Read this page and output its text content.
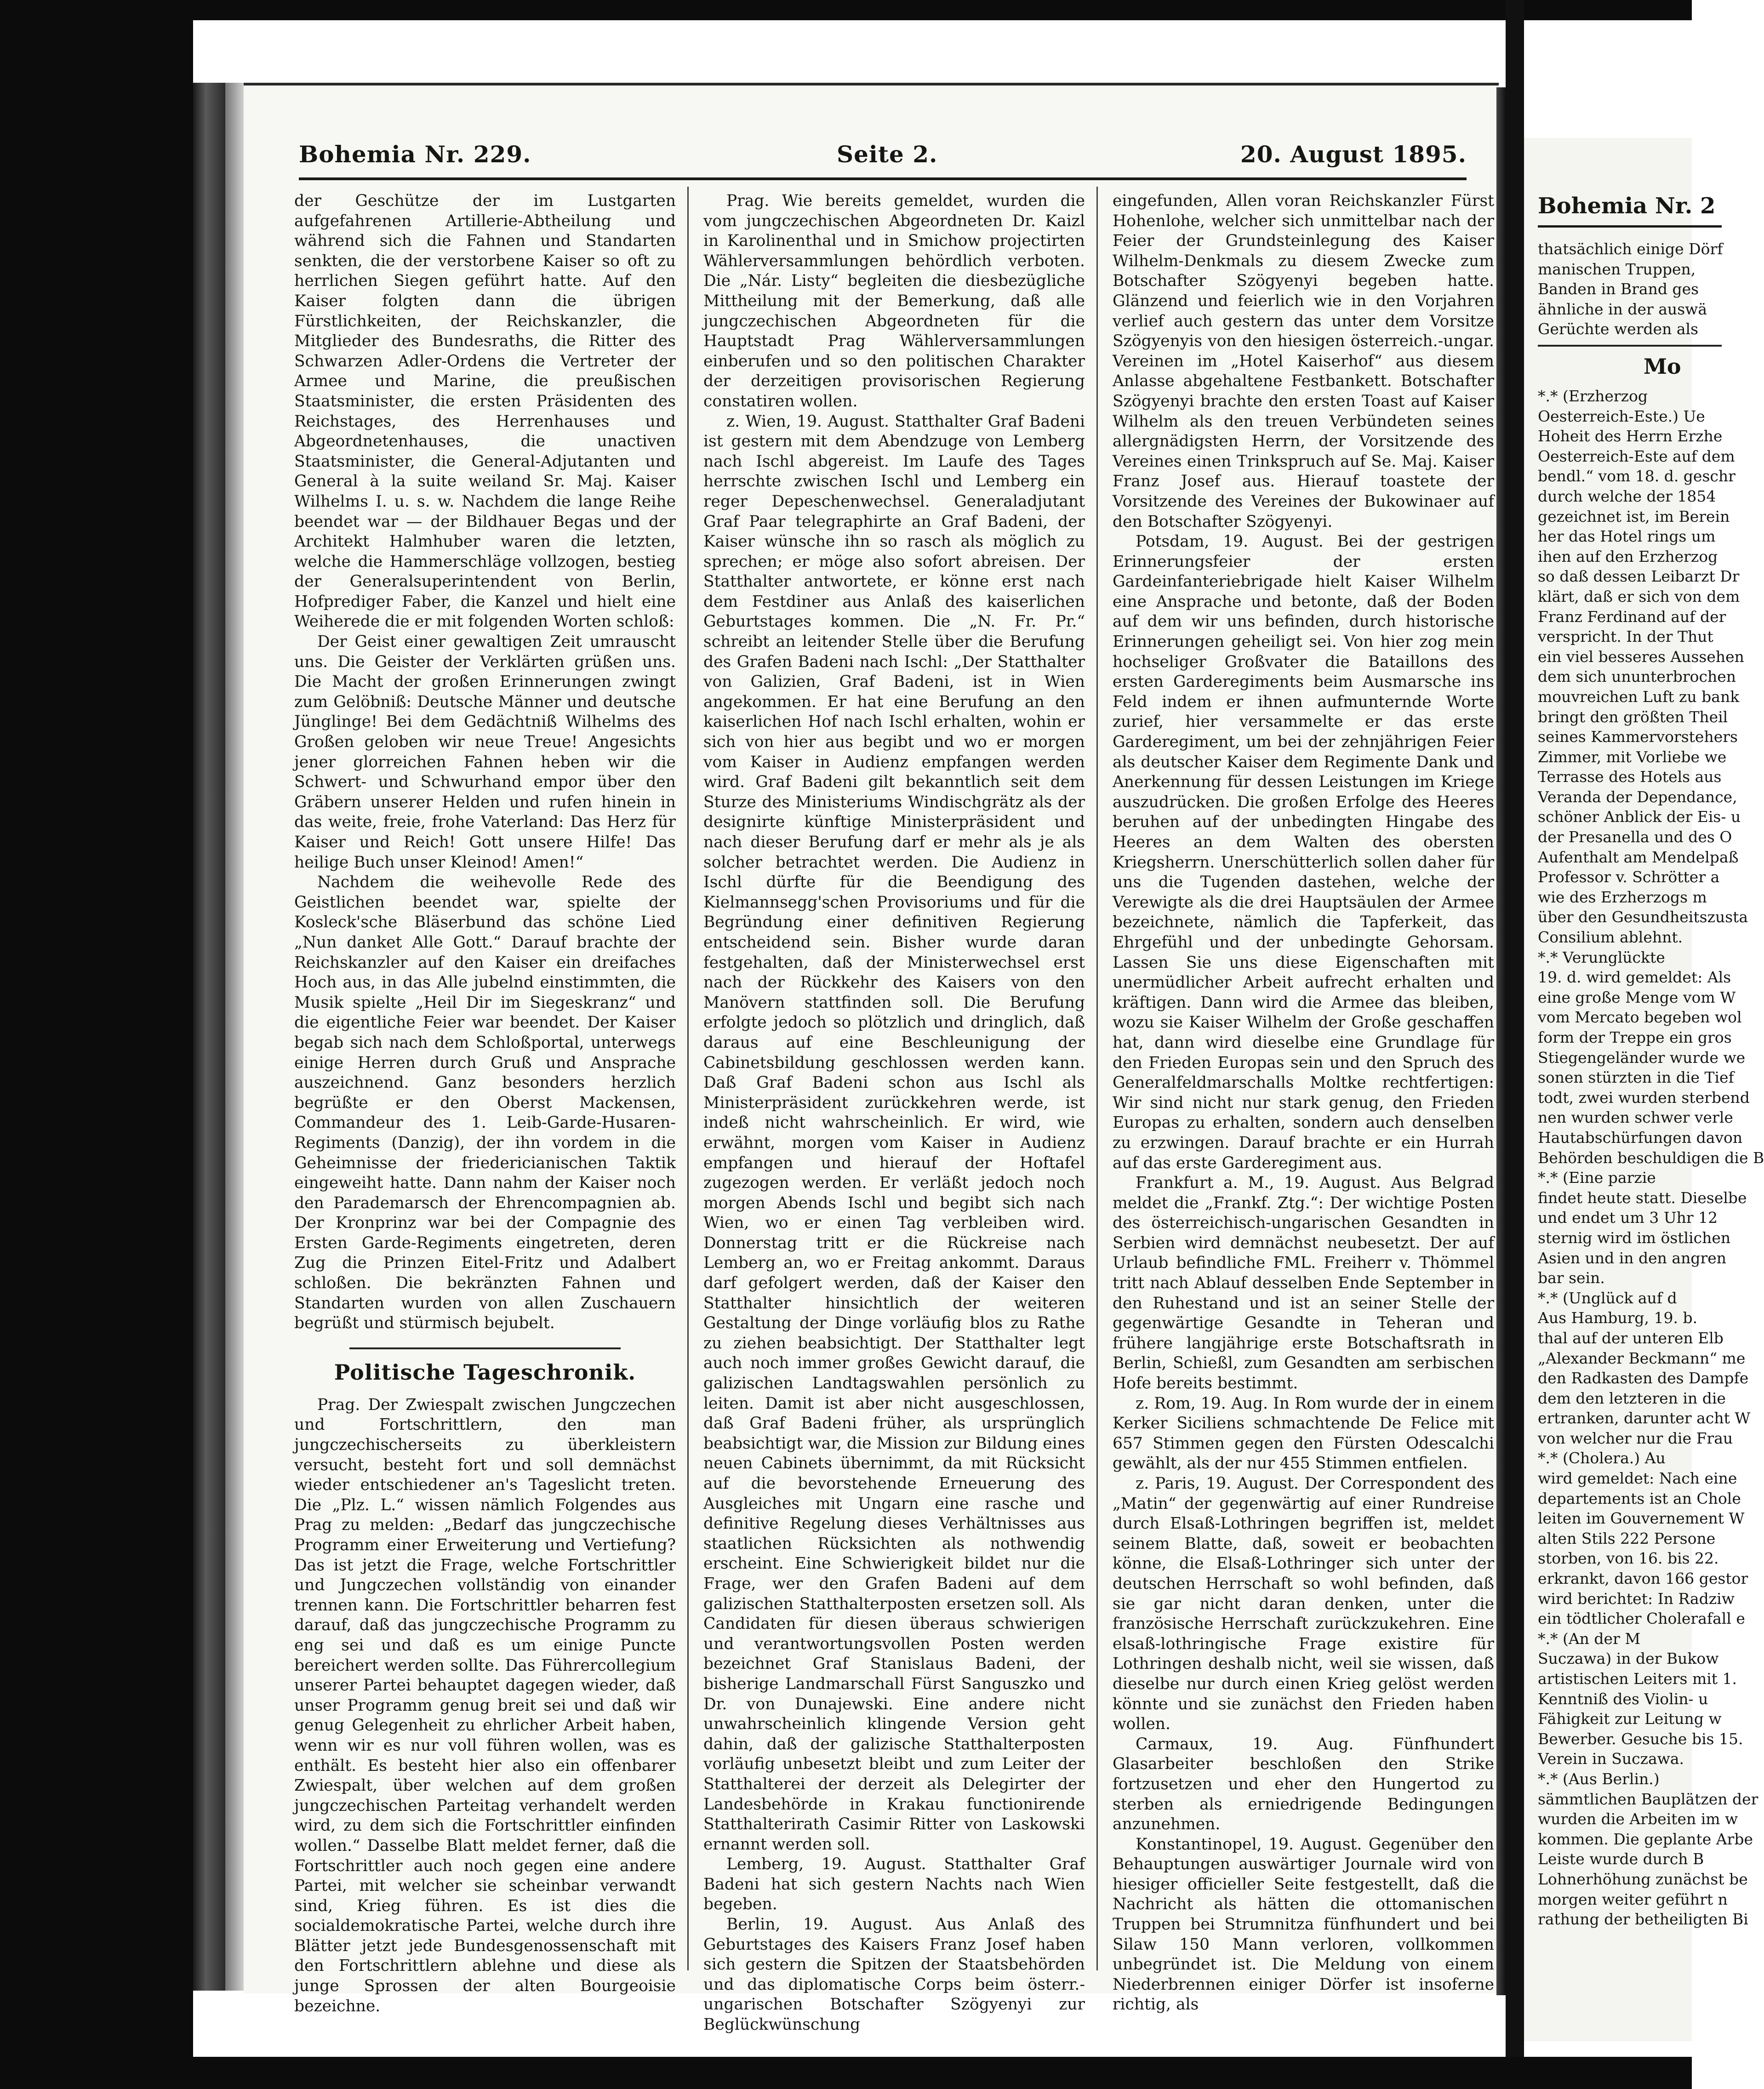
Bohemia Nr. 229.	Seite 2.	20. August 1895.

der Geschütze der im Lustgarten aufgefahrenen Artillerie-Abtheilung und während sich die Fahnen und Standarten senkten, die der verstorbene Kaiser so oft zu herrlichen Siegen geführt hatte. Auf den Kaiser folgten dann die übrigen Fürstlichkeiten, der Reichskanzler, die Mitglieder des Bundesraths, die Ritter des Schwarzen Adler-Ordens die Vertreter der Armee und Marine, die preußischen Staatsminister, die ersten Präsidenten des Reichstages, des Herrenhauses und Abgeordnetenhauses, die unactiven Staatsminister, die General-Adjutanten und General à la suite weiland Sr. Maj. Kaiser Wilhelms I. u. s. w. Nachdem die lange Reihe beendet war — der Bildhauer Begas und der Architekt Halmhuber waren die letzten, welche die Hammerschläge vollzogen, bestieg der Generalsuperintendent von Berlin, Hofprediger Faber, die Kanzel und hielt eine Weiherede die er mit folgenden Worten schloß:

Der Geist einer gewaltigen Zeit umrauscht uns. Die Geister der Verklärten grüßen uns. Die Macht der großen Erinnerungen zwingt zum Gelöbniß: Deutsche Männer und deutsche Jünglinge! Bei dem Gedächtniß Wilhelms des Großen geloben wir neue Treue! Angesichts jener glorreichen Fahnen heben wir die Schwert- und Schwurhand empor über den Gräbern unserer Helden und rufen hinein in das weite, freie, frohe Vaterland: Das Herz für Kaiser und Reich! Gott unsere Hilfe! Das heilige Buch unser Kleinod! Amen!“

Nachdem die weihevolle Rede des Geistlichen beendet war, spielte der Kosleck'sche Bläserbund das schöne Lied „Nun danket Alle Gott.“ Darauf brachte der Reichskanzler auf den Kaiser ein dreifaches Hoch aus, in das Alle jubelnd einstimmten, die Musik spielte „Heil Dir im Siegeskranz“ und die eigentliche Feier war beendet. Der Kaiser begab sich nach dem Schloßportal, unterwegs einige Herren durch Gruß und Ansprache auszeichnend. Ganz besonders herzlich begrüßte er den Oberst Mackensen, Commandeur des 1. Leib-Garde-Husaren-Regiments (Danzig), der ihn vordem in die Geheimnisse der friedericianischen Taktik eingeweiht hatte. Dann nahm der Kaiser noch den Parademarsch der Ehrencompagnien ab. Der Kronprinz war bei der Compagnie des Ersten Garde-Regiments eingetreten, deren Zug die Prinzen Eitel-Fritz und Adalbert schloßen. Die bekränzten Fahnen und Standarten wurden von allen Zuschauern begrüßt und stürmisch bejubelt.

Politische Tageschronik.

Prag. Der Zwiespalt zwischen Jungczechen und Fortschrittlern, den man jungczechischerseits zu überkleistern versucht, besteht fort und soll demnächst wieder entschiedener an's Tageslicht treten. Die „Plz. L.“ wissen nämlich Folgendes aus Prag zu melden: „Bedarf das jungczechische Programm einer Erweiterung und Vertiefung? Das ist jetzt die Frage, welche Fortschrittler und Jungczechen vollständig von einander trennen kann. Die Fortschrittler beharren fest darauf, daß das jungczechische Programm zu eng sei und daß es um einige Puncte bereichert werden sollte. Das Führercollegium unserer Partei behauptet dagegen wieder, daß unser Programm genug breit sei und daß wir genug Gelegenheit zu ehrlicher Arbeit haben, wenn wir es nur voll führen wollen, was es enthält. Es besteht hier also ein offenbarer Zwiespalt, über welchen auf dem großen jungczechischen Parteitag verhandelt werden wird, zu dem sich die Fortschrittler einfinden wollen.“ Dasselbe Blatt meldet ferner, daß die Fortschrittler auch noch gegen eine andere Partei, mit welcher sie scheinbar verwandt sind, Krieg führen. Es ist dies die socialdemokratische Partei, welche durch ihre Blätter jetzt jede Bundesgenossenschaft mit den Fortschrittlern ablehne und diese als junge Sprossen der alten Bourgeoisie bezeichne.

Prag. Wie bereits gemeldet, wurden die vom jungczechischen Abgeordneten Dr. Kaizl in Karolinenthal und in Smichow projectirten Wählerversammlungen behördlich verboten. Die „Nár. Listy“ begleiten die diesbezügliche Mittheilung mit der Bemerkung, daß alle jungczechischen Abgeordneten für die Hauptstadt Prag Wählerversammlungen einberufen und so den politischen Charakter der derzeitigen provisorischen Regierung constatiren wollen.

z. Wien, 19. August. Statthalter Graf Badeni ist gestern mit dem Abendzuge von Lemberg nach Ischl abgereist. Im Laufe des Tages herrschte zwischen Ischl und Lemberg ein reger Depeschenwechsel. Generaladjutant Graf Paar telegraphirte an Graf Badeni, der Kaiser wünsche ihn so rasch als möglich zu sprechen; er möge also sofort abreisen. Der Statthalter antwortete, er könne erst nach dem Festdiner aus Anlaß des kaiserlichen Geburtstages kommen. Die „N. Fr. Pr.“ schreibt an leitender Stelle über die Berufung des Grafen Badeni nach Ischl: „Der Statthalter von Galizien, Graf Badeni, ist in Wien angekommen. Er hat eine Berufung an den kaiserlichen Hof nach Ischl erhalten, wohin er sich von hier aus begibt und wo er morgen vom Kaiser in Audienz empfangen werden wird. Graf Badeni gilt bekanntlich seit dem Sturze des Ministeriums Windischgrätz als der designirte künftige Ministerpräsident und nach dieser Berufung darf er mehr als je als solcher betrachtet werden. Die Audienz in Ischl dürfte für die Beendigung des Kielmannsegg'schen Provisoriums und für die Begründung einer definitiven Regierung entscheidend sein. Bisher wurde daran festgehalten, daß der Ministerwechsel erst nach der Rückkehr des Kaisers von den Manövern stattfinden soll. Die Berufung erfolgte jedoch so plötzlich und dringlich, daß daraus auf eine Beschleunigung der Cabinetsbildung geschlossen werden kann. Daß Graf Badeni schon aus Ischl als Ministerpräsident zurückkehren werde, ist indeß nicht wahrscheinlich. Er wird, wie erwähnt, morgen vom Kaiser in Audienz empfangen und hierauf der Hoftafel zugezogen werden. Er verläßt jedoch noch morgen Abends Ischl und begibt sich nach Wien, wo er einen Tag verbleiben wird. Donnerstag tritt er die Rückreise nach Lemberg an, wo er Freitag ankommt. Daraus darf gefolgert werden, daß der Kaiser den Statthalter hinsichtlich der weiteren Gestaltung der Dinge vorläufig blos zu Rathe zu ziehen beabsichtigt. Der Statthalter legt auch noch immer großes Gewicht darauf, die galizischen Landtagswahlen persönlich zu leiten. Damit ist aber nicht ausgeschlossen, daß Graf Badeni früher, als ursprünglich beabsichtigt war, die Mission zur Bildung eines neuen Cabinets übernimmt, da mit Rücksicht auf die bevorstehende Erneuerung des Ausgleiches mit Ungarn eine rasche und definitive Regelung dieses Verhältnisses aus staatlichen Rücksichten als nothwendig erscheint. Eine Schwierigkeit bildet nur die Frage, wer den Grafen Badeni auf dem galizischen Statthalterposten ersetzen soll. Als Candidaten für diesen überaus schwierigen und verantwortungsvollen Posten werden bezeichnet Graf Stanislaus Badeni, der bisherige Landmarschall Fürst Sanguszko und Dr. von Dunajewski. Eine andere nicht unwahrscheinlich klingende Version geht dahin, daß der galizische Statthalterposten vorläufig unbesetzt bleibt und zum Leiter der Statthalterei der derzeit als Delegirter der Landesbehörde in Krakau functionirende Statthalterirath Casimir Ritter von Laskowski ernannt werden soll.

Lemberg, 19. August. Statthalter Graf Badeni hat sich gestern Nachts nach Wien begeben.

Berlin, 19. August. Aus Anlaß des Geburtstages des Kaisers Franz Josef haben sich gestern die Spitzen der Staatsbehörden und das diplomatische Corps beim österr.-ungarischen Botschafter Szögyenyi zur Beglückwünschung

eingefunden, Allen voran Reichskanzler Fürst Hohenlohe, welcher sich unmittelbar nach der Feier der Grundsteinlegung des Kaiser Wilhelm-Denkmals zu diesem Zwecke zum Botschafter Szögyenyi begeben hatte. Glänzend und feierlich wie in den Vorjahren verlief auch gestern das unter dem Vorsitze Szögyenyis von den hiesigen österreich.-ungar. Vereinen im „Hotel Kaiserhof“ aus diesem Anlasse abgehaltene Festbankett. Botschafter Szögyenyi brachte den ersten Toast auf Kaiser Wilhelm als den treuen Verbündeten seines allergnädigsten Herrn, der Vorsitzende des Vereines einen Trinkspruch auf Se. Maj. Kaiser Franz Josef aus. Hierauf toastete der Vorsitzende des Vereines der Bukowinaer auf den Botschafter Szögyenyi.

Potsdam, 19. August. Bei der gestrigen Erinnerungsfeier der ersten Gardeinfanteriebrigade hielt Kaiser Wilhelm eine Ansprache und betonte, daß der Boden auf dem wir uns befinden, durch historische Erinnerungen geheiligt sei. Von hier zog mein hochseliger Großvater die Bataillons des ersten Garderegiments beim Ausmarsche ins Feld indem er ihnen aufmunternde Worte zurief, hier versammelte er das erste Garderegiment, um bei der zehnjährigen Feier als deutscher Kaiser dem Regimente Dank und Anerkennung für dessen Leistungen im Kriege auszudrücken. Die großen Erfolge des Heeres beruhen auf der unbedingten Hingabe des Heeres an dem Walten des obersten Kriegsherrn. Unerschütterlich sollen daher für uns die Tugenden dastehen, welche der Verewigte als die drei Hauptsäulen der Armee bezeichnete, nämlich die Tapferkeit, das Ehrgefühl und der unbedingte Gehorsam. Lassen Sie uns diese Eigenschaften mit unermüdlicher Arbeit aufrecht erhalten und kräftigen. Dann wird die Armee das bleiben, wozu sie Kaiser Wilhelm der Große geschaffen hat, dann wird dieselbe eine Grundlage für den Frieden Europas sein und den Spruch des Generalfeldmarschalls Moltke rechtfertigen: Wir sind nicht nur stark genug, den Frieden Europas zu erhalten, sondern auch denselben zu erzwingen. Darauf brachte er ein Hurrah auf das erste Garderegiment aus.

Frankfurt a. M., 19. August. Aus Belgrad meldet die „Frankf. Ztg.“: Der wichtige Posten des österreichisch-ungarischen Gesandten in Serbien wird demnächst neubesetzt. Der auf Urlaub befindliche FML. Freiherr v. Thömmel tritt nach Ablauf desselben Ende September in den Ruhestand und ist an seiner Stelle der gegenwärtige Gesandte in Teheran und frühere langjährige erste Botschaftsrath in Berlin, Schießl, zum Gesandten am serbischen Hofe bereits bestimmt.

z. Rom, 19. Aug. In Rom wurde der in einem Kerker Siciliens schmachtende De Felice mit 657 Stimmen gegen den Fürsten Odescalchi gewählt, als der nur 455 Stimmen entfielen.

z. Paris, 19. August. Der Correspondent des „Matin“ der gegenwärtig auf einer Rundreise durch Elsaß-Lothringen begriffen ist, meldet seinem Blatte, daß, soweit er beobachten könne, die Elsaß-Lothringer sich unter der deutschen Herrschaft so wohl befinden, daß sie gar nicht daran denken, unter die französische Herrschaft zurückzukehren. Eine elsaß-lothringische Frage existire für Lothringen deshalb nicht, weil sie wissen, daß dieselbe nur durch einen Krieg gelöst werden könnte und sie zunächst den Frieden haben wollen.

Carmaux, 19. Aug. Fünfhundert Glasarbeiter beschloßen den Strike fortzusetzen und eher den Hungertod zu sterben als erniedrigende Bedingungen anzunehmen.

Konstantinopel, 19. August. Gegenüber den Behauptungen auswärtiger Journale wird von hiesiger officieller Seite festgestellt, daß die Nachricht als hätten die ottomanischen Truppen bei Strumnitza fünfhundert und bei Silaw 150 Mann verloren, vollkommen unbegründet ist. Die Meldung von einem Niederbrennen einiger Dörfer ist insoferne richtig, als

Bohemia Nr. 2
thatsächlich einige Dörf
manischen Truppen,
Banden in Brand ges
ähnliche in der auswä
Gerüchte werden als
Mo
*.* (Erzherzog
Oesterreich-Este.) Ue
Hoheit des Herrn Erzhe
Oesterreich-Este auf dem
bendl.“ vom 18. d. geschr
durch welche der 1854
gezeichnet ist, im Berein
her das Hotel rings um
ihen auf den Erzherzog
so daß dessen Leibarzt Dr
klärt, daß er sich von dem
Franz Ferdinand auf der
verspricht. In der Thut
ein viel besseres Aussehen
dem sich ununterbrochen
mouvreichen Luft zu bank
bringt den größten Theil
seines Kammervorstehers
Zimmer, mit Vorliebe we
Terrasse des Hotels aus
Veranda der Dependance,
schöner Anblick der Eis- u
der Presanella und des O
Aufenthalt am Mendelpaß
Professor v. Schrötter a
wie des Erzherzogs m
über den Gesundheitszusta
Consilium ablehnt.
*.* Verunglückte
19. d. wird gemeldet: Als
eine große Menge vom W
vom Mercato begeben wol
form der Treppe ein gros
Stiegengeländer wurde we
sonen stürzten in die Tief
todt, zwei wurden sterbend
nen wurden schwer verle
Hautabschürfungen davon
Behörden beschuldigen die B
*.* (Eine parzie
findet heute statt. Dieselbe
und endet um 3 Uhr 12
sternig wird im östlichen
Asien und in den angren
bar sein.
*.* (Unglück auf d
Aus Hamburg, 19. b.
thal auf der unteren Elb
„Alexander Beckmann“ me
den Radkasten des Dampfe
dem den letzteren in die
ertranken, darunter acht W
von welcher nur die Frau
*.* (Cholera.) Au
wird gemeldet: Nach eine
departements ist an Chole
leiten im Gouvernement W
alten Stils 222 Persone
storben, von 16. bis 22.
erkrankt, davon 166 gestor
wird berichtet: In Radziw
ein tödtlicher Cholerafall e
*.* (An der M
Suczawa) in der Bukow
artistischen Leiters mit 1.
Kenntniß des Violin- u
Fähigkeit zur Leitung w
Bewerber. Gesuche bis 15.
Verein in Suczawa.
*.* (Aus Berlin.)
sämmtlichen Bauplätzen der
wurden die Arbeiten im w
kommen. Die geplante Arbe
Leiste wurde durch B
Lohnerhöhung zunächst be
morgen weiter geführt n
rathung der betheiligten Bi
